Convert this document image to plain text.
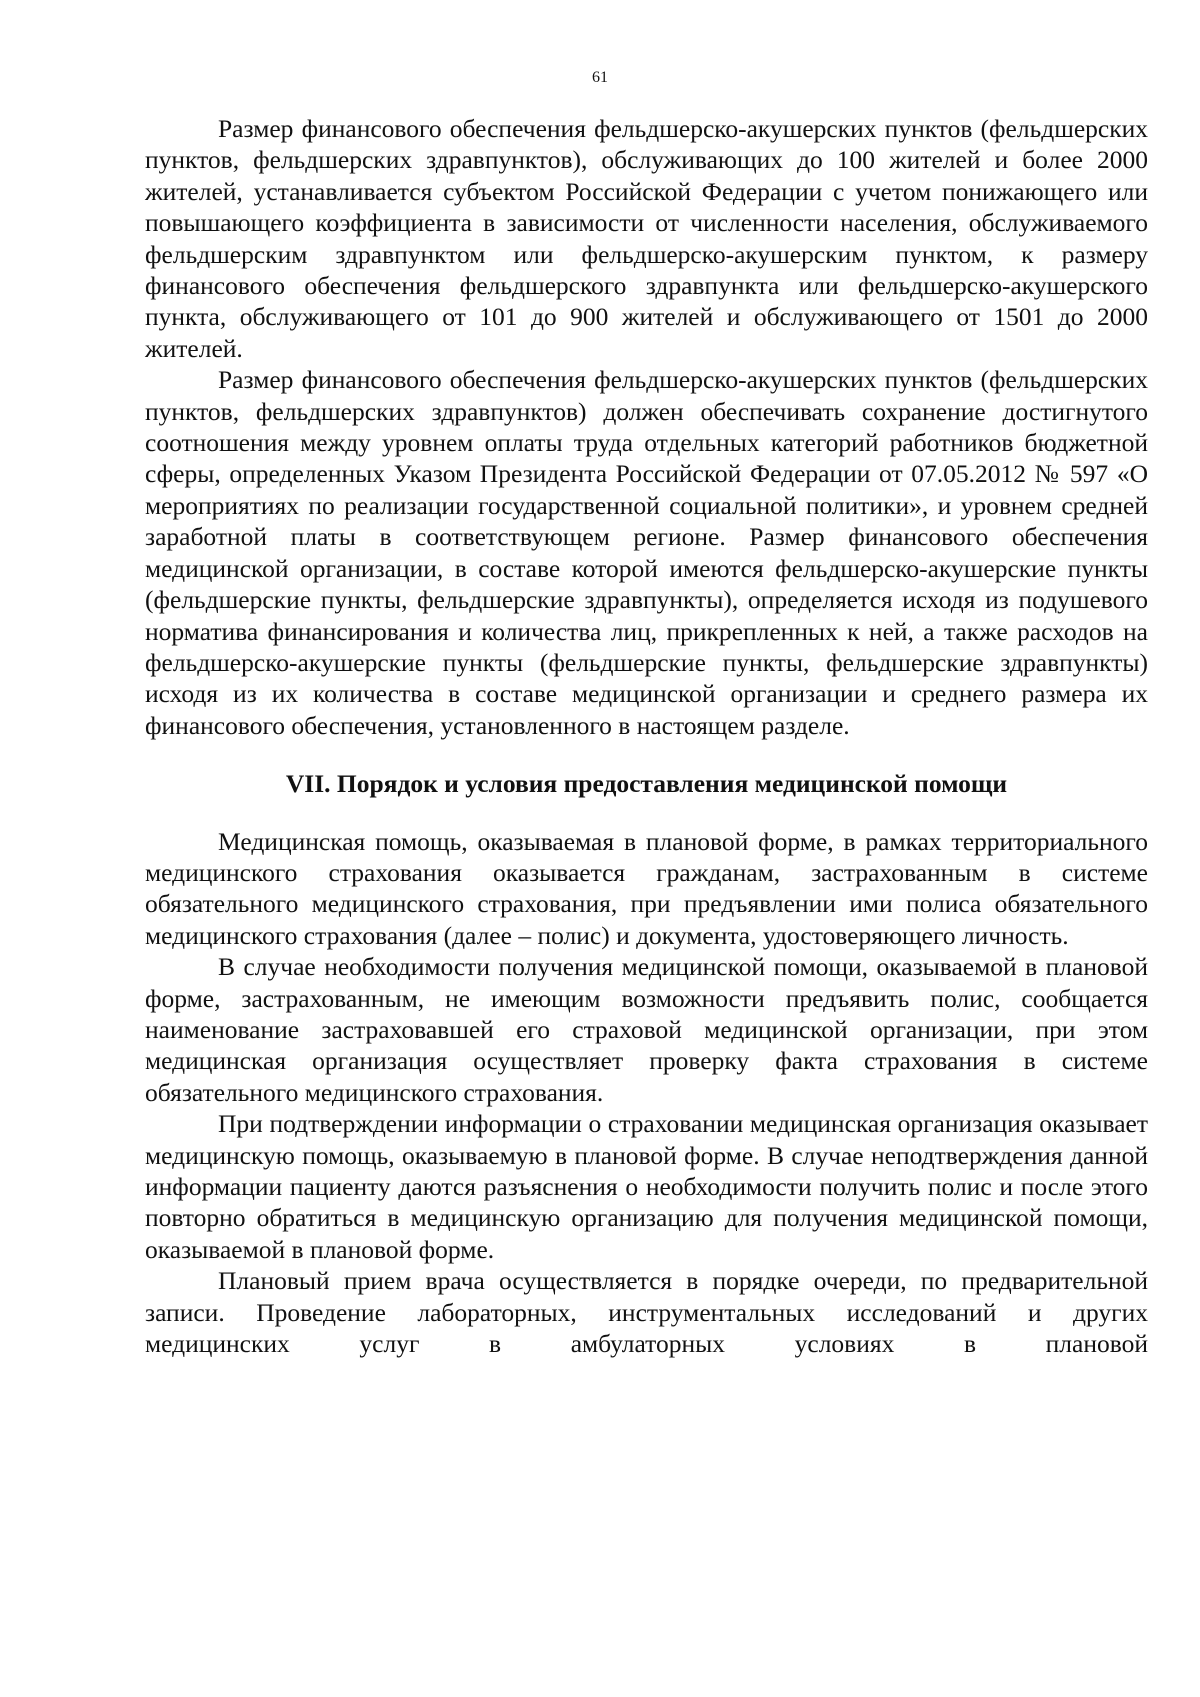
61

Размер финансового обеспечения фельдшерско-акушерских пунктов (фельдшерских пунктов, фельдшерских здравпунктов), обслуживающих до 100 жителей и более 2000 жителей, устанавливается субъектом Российской Федерации с учетом понижающего или повышающего коэффициента в зависимости от численности населения, обслуживаемого фельдшерским здравпунктом или фельдшерско-акушерским пунктом, к размеру финансового обеспечения фельдшерского здравпункта или фельдшерско-акушерского пункта, обслуживающего от 101 до 900 жителей и обслуживающего от 1501 до 2000 жителей.

Размер финансового обеспечения фельдшерско-акушерских пунктов (фельдшерских пунктов, фельдшерских здравпунктов) должен обеспечивать сохранение достигнутого соотношения между уровнем оплаты труда отдельных категорий работников бюджетной сферы, определенных Указом Президента Российской Федерации от 07.05.2012 № 597 «О мероприятиях по реализации государственной социальной политики», и уровнем средней заработной платы в соответствующем регионе. Размер финансового обеспечения медицинской организации, в составе которой имеются фельдшерско-акушерские пункты (фельдшерские пункты, фельдшерские здравпункты), определяется исходя из подушевого норматива финансирования и количества лиц, прикрепленных к ней, а также расходов на фельдшерско-акушерские пункты (фельдшерские пункты, фельдшерские здравпункты) исходя из их количества в составе медицинской организации и среднего размера их финансового обеспечения, установленного в настоящем разделе.

VII. Порядок и условия предоставления медицинской помощи

Медицинская помощь, оказываемая в плановой форме, в рамках территориального медицинского страхования оказывается гражданам, застрахованным в системе обязательного медицинского страхования, при предъявлении ими полиса обязательного медицинского страхования (далее – полис) и документа, удостоверяющего личность.

В случае необходимости получения медицинской помощи, оказываемой в плановой форме, застрахованным, не имеющим возможности предъявить полис, сообщается наименование застраховавшей его страховой медицинской организации, при этом медицинская организация осуществляет проверку факта страхования в системе обязательного медицинского страхования.

При подтверждении информации о страховании медицинская организация оказывает медицинскую помощь, оказываемую в плановой форме. В случае неподтверждения данной информации пациенту даются разъяснения о необходимости получить полис и после этого повторно обратиться в медицинскую организацию для получения медицинской помощи, оказываемой в плановой форме.

Плановый прием врача осуществляется в порядке очереди, по предварительной записи. Проведение лабораторных, инструментальных исследований и других медицинских услуг в амбулаторных условиях в плановой
